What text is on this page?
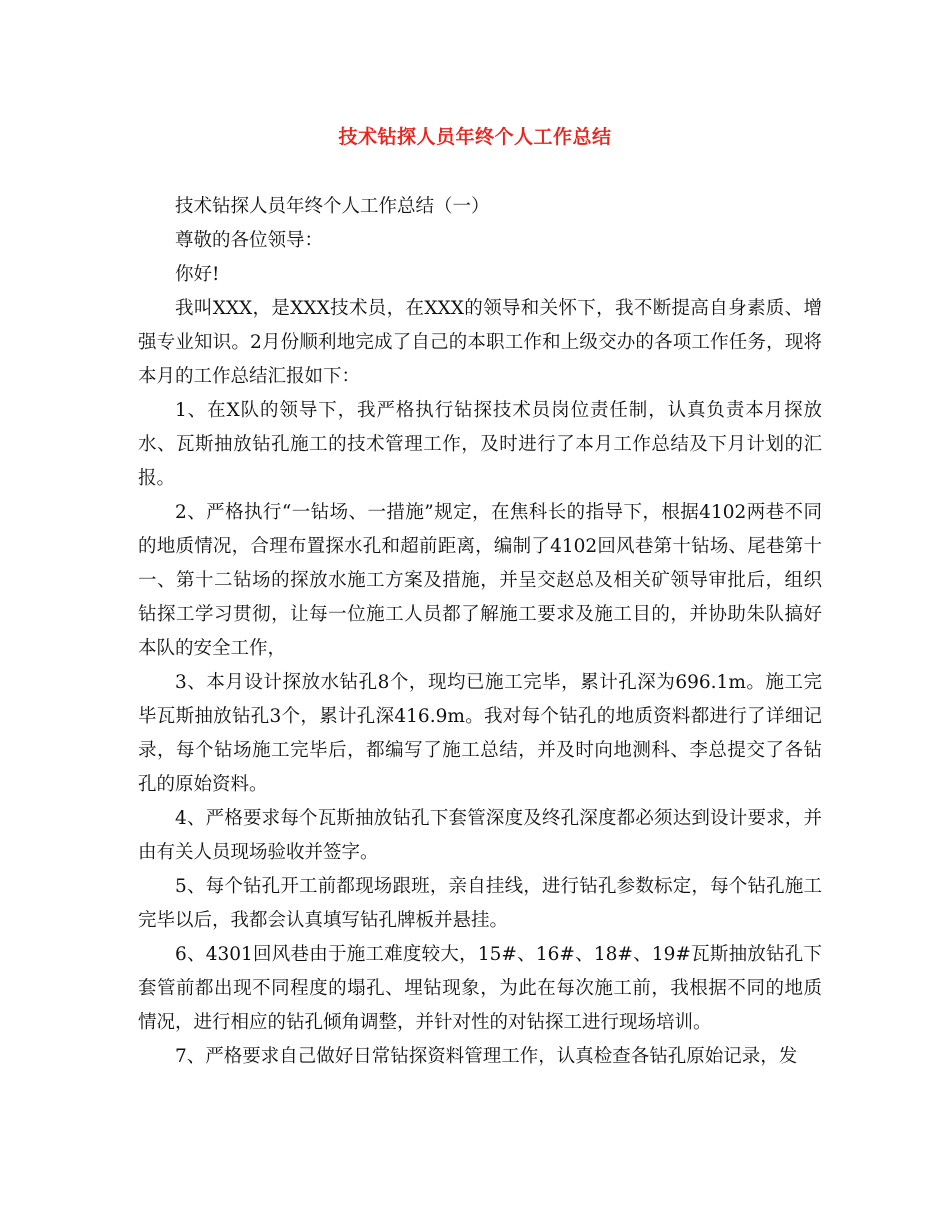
技术钻探人员年终个人工作总结

技术钻探人员年终个人工作总结（一）

尊敬的各位领导：

你好!

我叫XXX，是XXX技术员，在XXX的领导和关怀下，我不断提高自身素质、增强专业知识。2月份顺利地完成了自己的本职工作和上级交办的各项工作任务，现将本月的工作总结汇报如下：

1、在X队的领导下，我严格执行钻探技术员岗位责任制，认真负责本月探放水、瓦斯抽放钻孔施工的技术管理工作，及时进行了本月工作总结及下月计划的汇报。

2、严格执行“一钻场、一措施”规定，在焦科长的指导下，根据4102两巷不同的地质情况，合理布置探水孔和超前距离，编制了4102回风巷第十钻场、尾巷第十一、第十二钻场的探放水施工方案及措施，并呈交赵总及相关矿领导审批后，组织钻探工学习贯彻，让每一位施工人员都了解施工要求及施工目的，并协助朱队搞好本队的安全工作，

3、本月设计探放水钻孔8个，现均已施工完毕，累计孔深为696.1m。施工完毕瓦斯抽放钻孔3个，累计孔深416.9m。我对每个钻孔的地质资料都进行了详细记录，每个钻场施工完毕后，都编写了施工总结，并及时向地测科、李总提交了各钻孔的原始资料。

4、严格要求每个瓦斯抽放钻孔下套管深度及终孔深度都必须达到设计要求，并由有关人员现场验收并签字。

5、每个钻孔开工前都现场跟班，亲自挂线，进行钻孔参数标定，每个钻孔施工完毕以后，我都会认真填写钻孔牌板并悬挂。

6、4301回风巷由于施工难度较大，15#、16#、18#、19#瓦斯抽放钻孔下套管前都出现不同程度的塌孔、埋钻现象，为此在每次施工前，我根据不同的地质情况，进行相应的钻孔倾角调整，并针对性的对钻探工进行现场培训。

7、严格要求自己做好日常钻探资料管理工作，认真检查各钻孔原始记录，发
